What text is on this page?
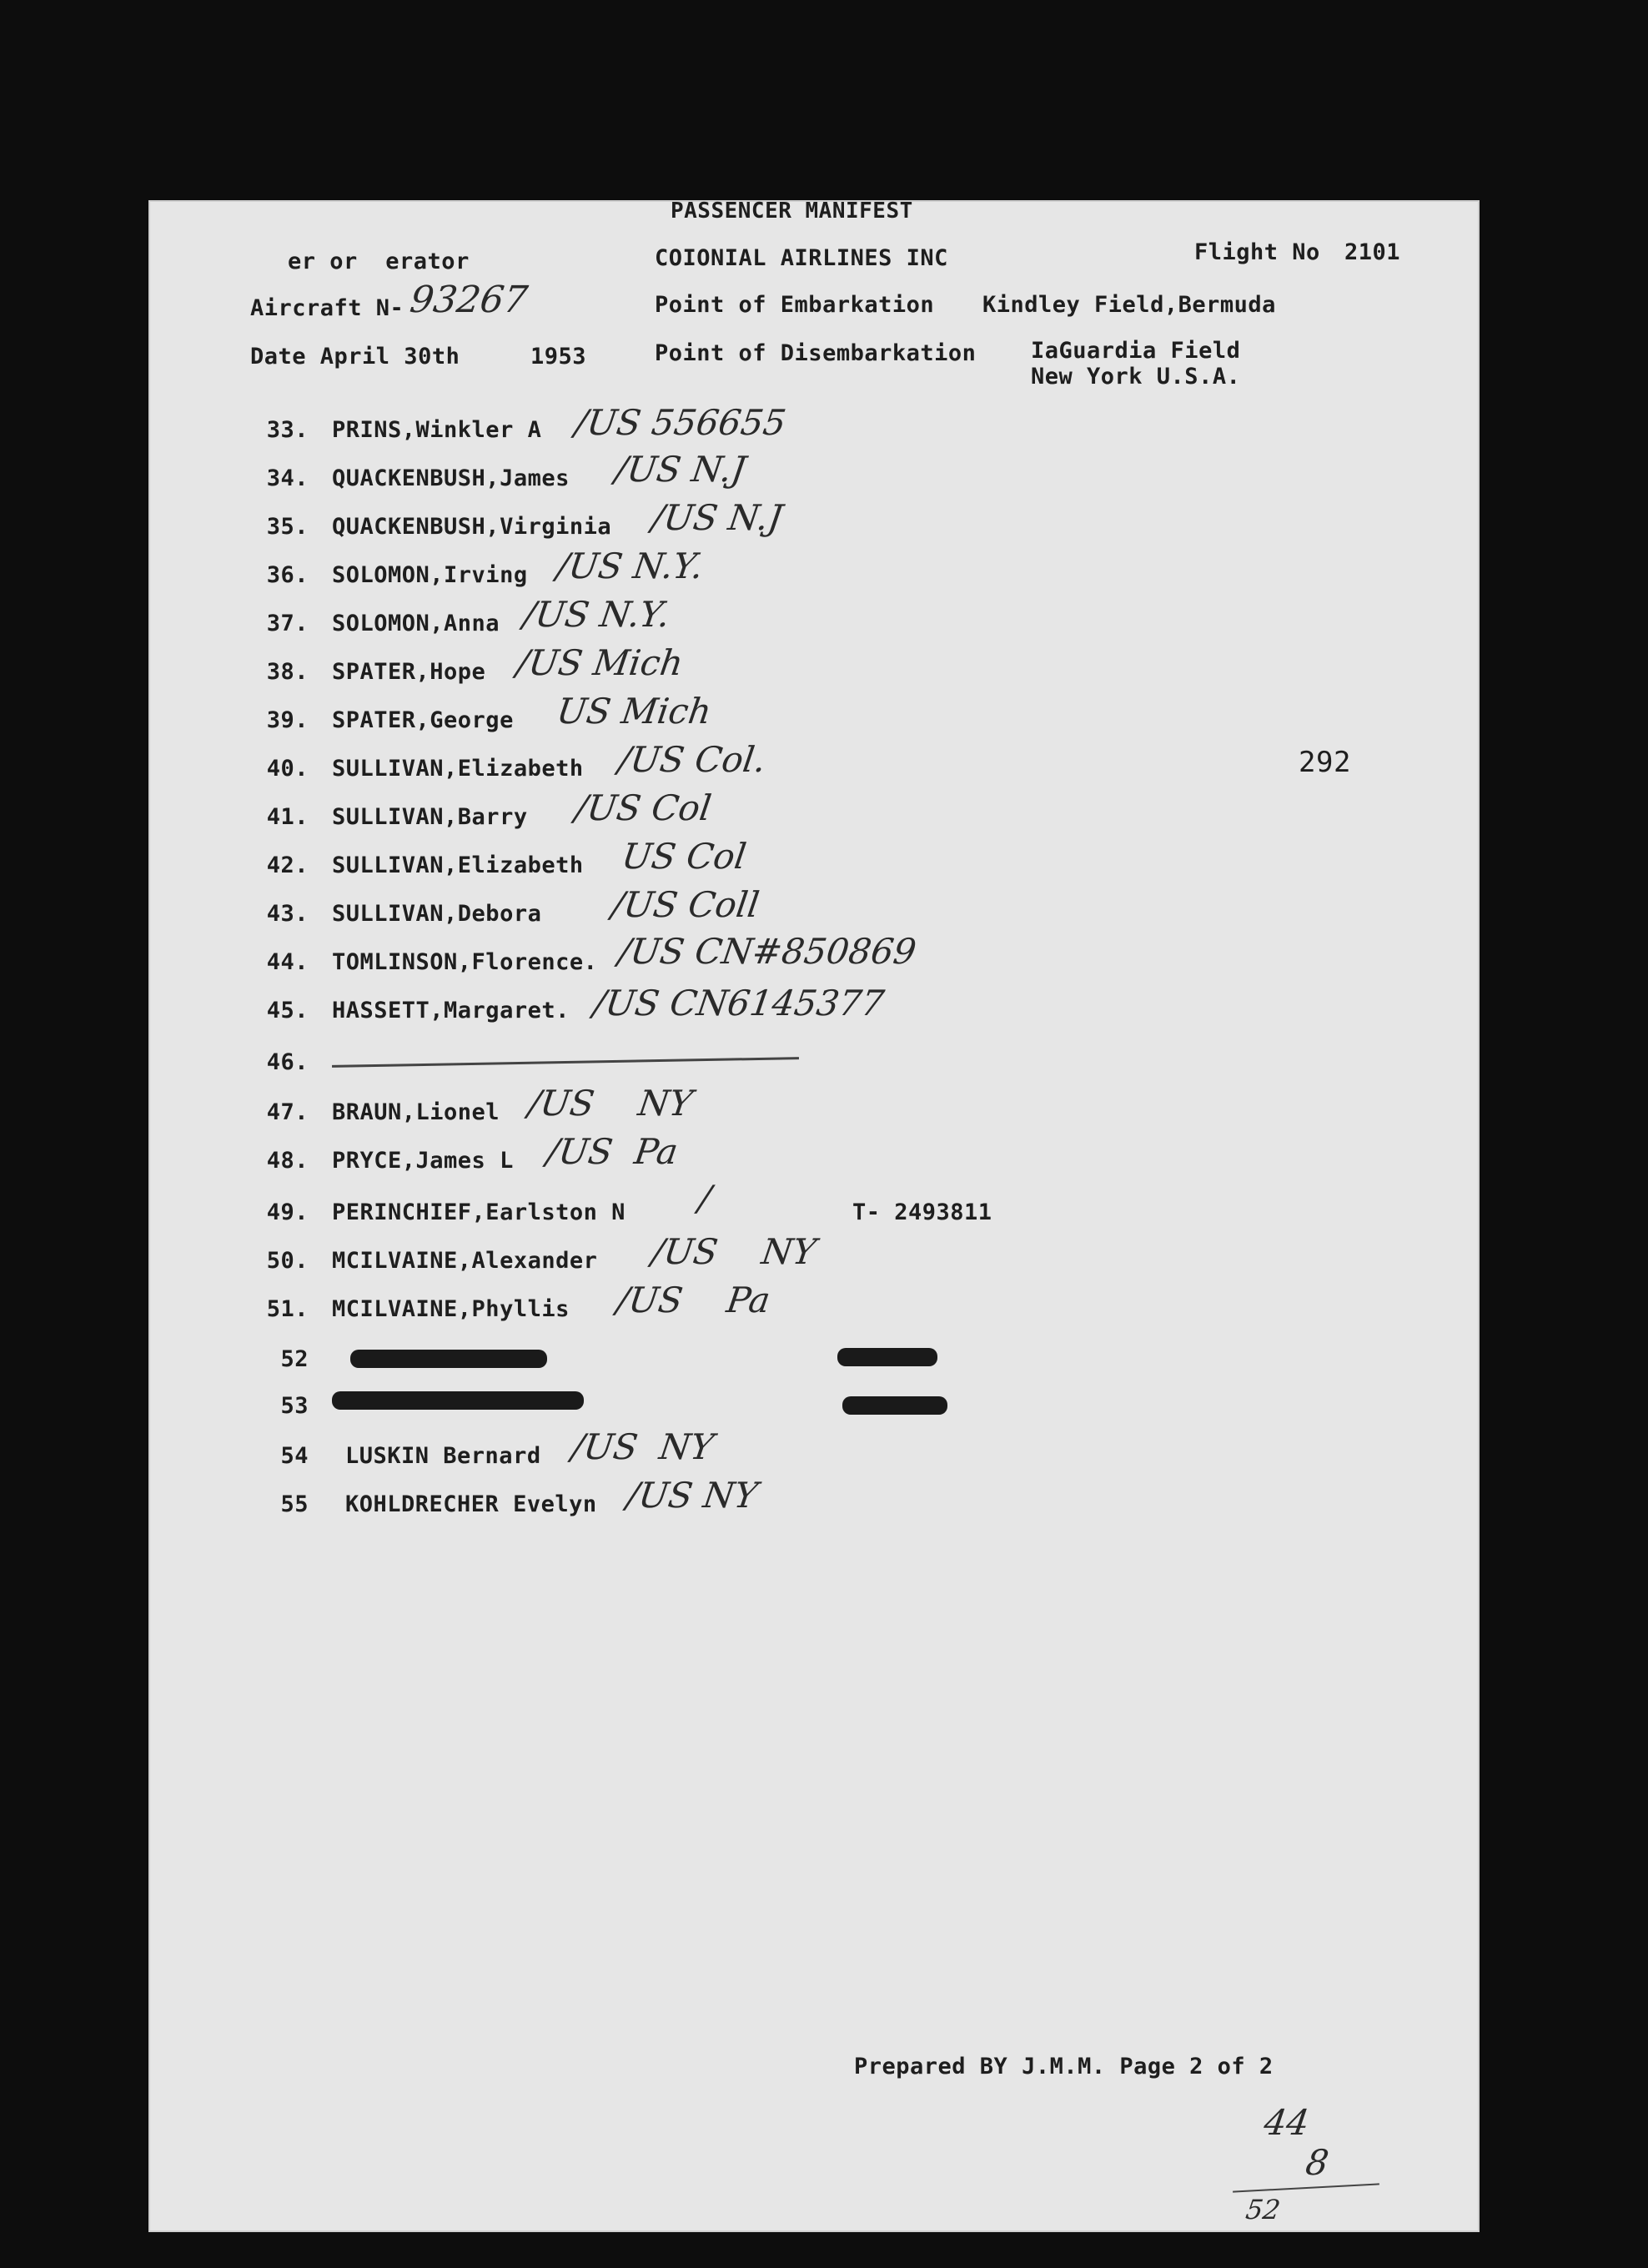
PASSENCER MANIFEST
er or  erator	COIONIAL AIRLINES INC	Flight No 2101
Aircraft N- 93267	Point of Embarkation Kindley Field,Bermuda
Date April 30th	1953	Point of Disembarkation IaGuardia Field
New York U.S.A.
292
33. PRINS,Winkler A /US 556655
34. QUACKENBUSH,James /US N.J
35. QUACKENBUSH,Virginia /US N.J
36. SOLOMON,Irving /US N.Y.
37. SOLOMON,Anna /US N.Y.
38. SPATER,Hope /US Mich
39. SPATER,George US Mich
40. SULLIVAN,Elizabeth /US Col.
41. SULLIVAN,Barry /US Col
42. SULLIVAN,Elizabeth US Col
43. SULLIVAN,Debora /US Coll
44. TOMLINSON,Florence. /US CN#850869
45. HASSETT,Margaret. /US CN6145377
46.
47. BRAUN,Lionel /US    NY
48. PRYCE,James L /US  Pa
49. PERINCHIEF,Earlston N /	T- 2493811
50. MCILVAINE,Alexander /US    NY
51. MCILVAINE,Phyllis /US    Pa
52
53
54 LUSKIN Bernard /US  NY
55 KOHLDRECHER Evelyn /US NY
Prepared BY J.M.M. Page 2 of 2
44
8
52
